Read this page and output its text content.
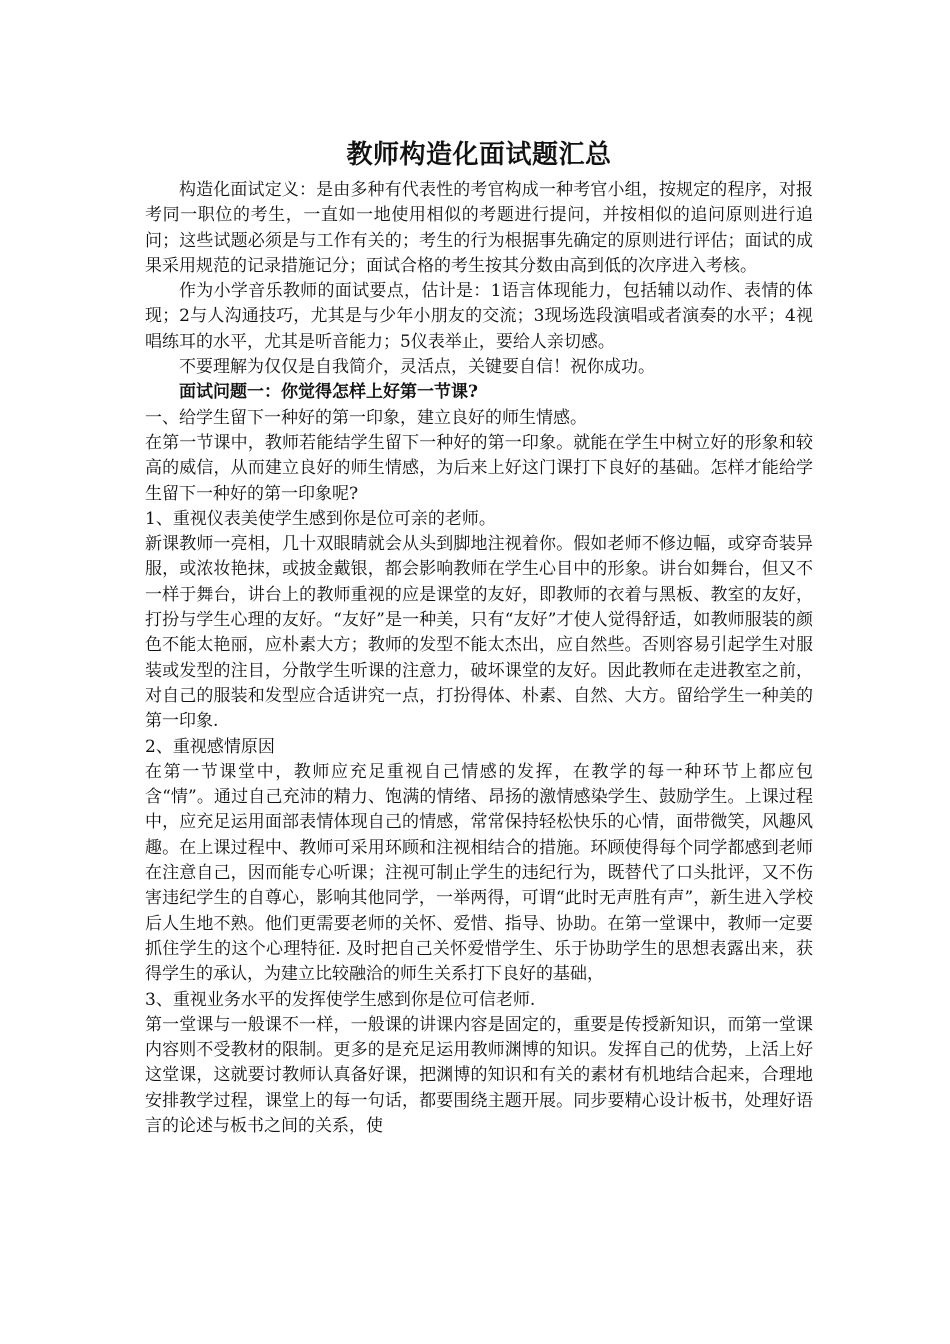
教师构造化面试题汇总

构造化面试定义：是由多种有代表性的考官构成一种考官小组，按规定的程序，对报考同一职位的考生，一直如一地使用相似的考题进行提问，并按相似的追问原则进行追问；这些试题必须是与工作有关的；考生的行为根据事先确定的原则进行评估；面试的成果采用规范的记录措施记分；面试合格的考生按其分数由高到低的次序进入考核。

作为小学音乐教师的面试要点，估计是：1语言体现能力，包括辅以动作、表情的体现；2与人沟通技巧，尤其是与少年小朋友的交流；3现场选段演唱或者演奏的水平；4视唱练耳的水平，尤其是听音能力；5仪表举止，要给人亲切感。

不要理解为仅仅是自我简介，灵活点，关键要自信！祝你成功。

面试问题一：你觉得怎样上好第一节课?

一、给学生留下一种好的第一印象，建立良好的师生情感。

在第一节课中，教师若能结学生留下一种好的第一印象。就能在学生中树立好的形象和较高的威信，从而建立良好的师生情感，为后来上好这门课打下良好的基础。怎样才能给学生留下一种好的第一印象呢?

1、重视仪表美使学生感到你是位可亲的老师。

新课教师一亮相，几十双眼睛就会从头到脚地注视着你。假如老师不修边幅，或穿奇装异服，或浓妆艳抹，或披金戴银，都会影响教师在学生心目中的形象。讲台如舞台，但又不一样于舞台，讲台上的教师重视的应是课堂的友好，即教师的衣着与黑板、教室的友好，打扮与学生心理的友好。“友好”是一种美，只有“友好”才使人觉得舒适，如教师服装的颜色不能太艳丽，应朴素大方；教师的发型不能太杰出，应自然些。否则容易引起学生对服装或发型的注目，分散学生听课的注意力，破坏课堂的友好。因此教师在走进教室之前，对自己的服装和发型应合适讲究一点，打扮得体、朴素、自然、大方。留给学生一种美的第一印象.

2、重视感情原因

在第一节课堂中，教师应充足重视自己情感的发挥，在教学的每一种环节上都应包含“情”。通过自己充沛的精力、饱满的情绪、昂扬的激情感染学生、鼓励学生。上课过程中，应充足运用面部表情体现自己的情感，常常保持轻松快乐的心情，面带微笑，风趣风趣。在上课过程中、教师可采用环顾和注视相结合的措施。环顾使得每个同学都感到老师在注意自己，因而能专心听课；注视可制止学生的违纪行为，既替代了口头批评，又不伤害违纪学生的自尊心，影响其他同学，一举两得，可谓“此时无声胜有声”，新生进入学校后人生地不熟。他们更需要老师的关怀、爱惜、指导、协助。在第一堂课中，教师一定要抓住学生的这个心理特征. 及时把自己关怀爱惜学生、乐于协助学生的思想表露出来，获得学生的承认，为建立比较融洽的师生关系打下良好的基础，

3、重视业务水平的发挥使学生感到你是位可信老师.

第一堂课与一般课不一样，一般课的讲课内容是固定的，重要是传授新知识，而第一堂课内容则不受教材的限制。更多的是充足运用教师渊博的知识。发挥自己的优势，上活上好这堂课，这就要讨教师认真备好课，把渊博的知识和有关的素材有机地结合起来，合理地安排教学过程，课堂上的每一句话，都要围绕主题开展。同步要精心设计板书，处理好语言的论述与板书之间的关系，使
